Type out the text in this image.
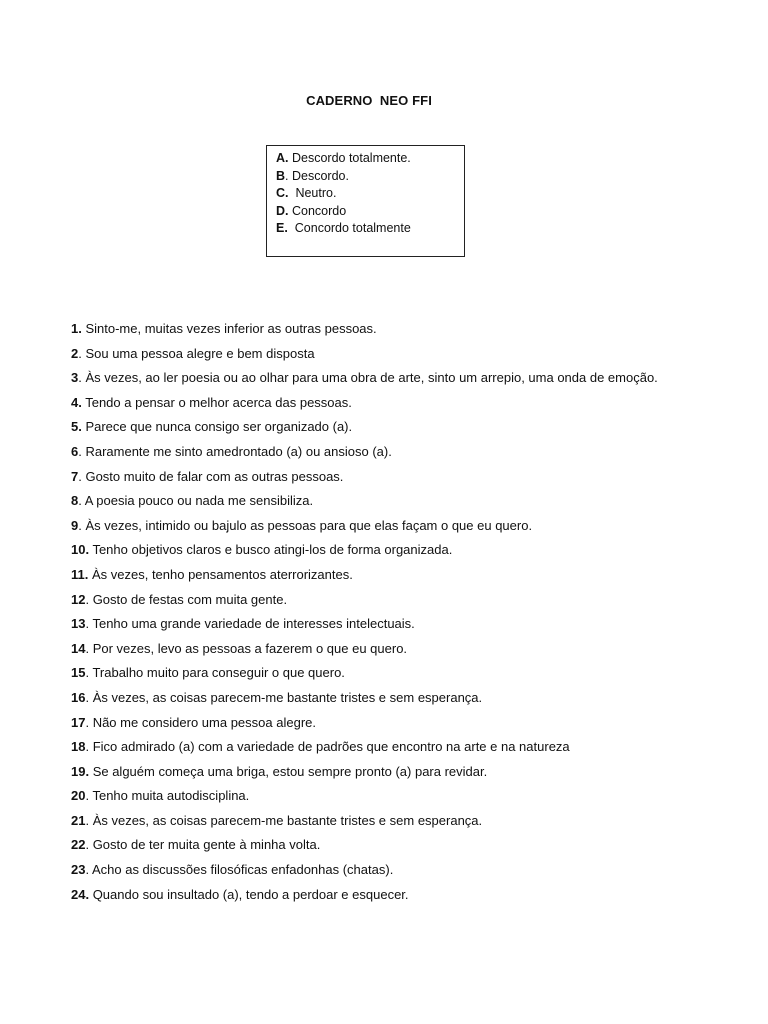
CADERNO  NEO FFI
A. Descordo totalmente.
B. Descordo.
C.  Neutro.
D. Concordo
E.  Concordo totalmente
1. Sinto-me, muitas vezes inferior as outras pessoas.
2. Sou uma pessoa alegre e bem disposta
3. Às vezes, ao ler poesia ou ao olhar para uma obra de arte, sinto um arrepio, uma onda de emoção.
4. Tendo a pensar o melhor acerca das pessoas.
5. Parece que nunca consigo ser organizado (a).
6. Raramente me sinto amedrontado (a) ou ansioso (a).
7. Gosto muito de falar com as outras pessoas.
8. A poesia pouco ou nada me sensibiliza.
9. Às vezes, intimido ou bajulo as pessoas para que elas façam o que eu quero.
10. Tenho objetivos claros e busco atingi-los de forma organizada.
11. Às vezes, tenho pensamentos aterrorizantes.
12. Gosto de festas com muita gente.
13. Tenho uma grande variedade de interesses intelectuais.
14. Por vezes, levo as pessoas a fazerem o que eu quero.
15. Trabalho muito para conseguir o que quero.
16. Às vezes, as coisas parecem-me bastante tristes e sem esperança.
17. Não me considero uma pessoa alegre.
18. Fico admirado (a) com a variedade de padrões que encontro na arte e na natureza
19. Se alguém começa uma briga, estou sempre pronto (a) para revidar.
20. Tenho muita autodisciplina.
21. Às vezes, as coisas parecem-me bastante tristes e sem esperança.
22. Gosto de ter muita gente à minha volta.
23. Acho as discussões filosóficas enfadonhas (chatas).
24. Quando sou insultado (a), tendo a perdoar e esquecer.
